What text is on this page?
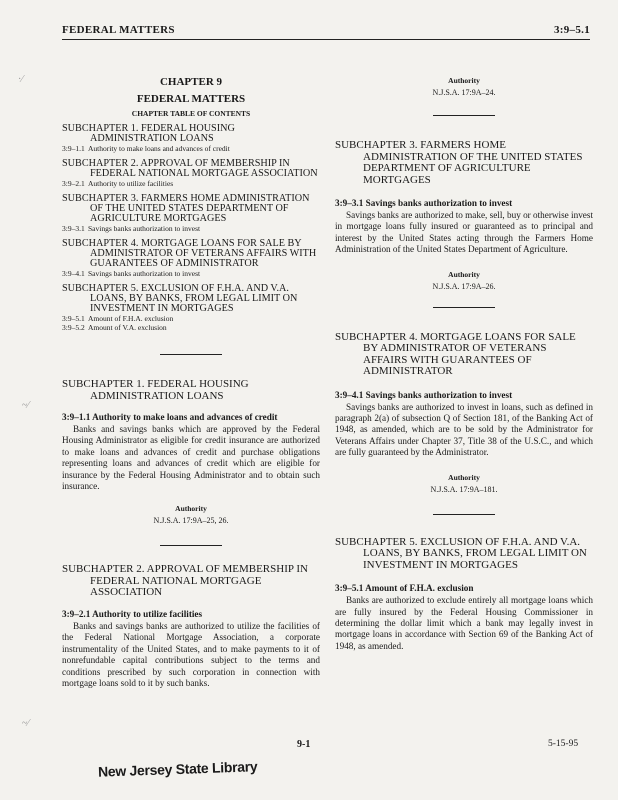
FEDERAL MATTERS	3:9–5.1
·⁄
~⁄
~⁄
CHAPTER 9
FEDERAL MATTERS
CHAPTER TABLE OF CONTENTS
SUBCHAPTER 1. FEDERAL HOUSING ADMINISTRATION LOANS
3:9–1.1 Authority to make loans and advances of credit
SUBCHAPTER 2. APPROVAL OF MEMBERSHIP IN FEDERAL NATIONAL MORTGAGE ASSOCIATION
3:9–2.1 Authority to utilize facilities
SUBCHAPTER 3. FARMERS HOME ADMINISTRATION OF THE UNITED STATES DEPARTMENT OF AGRICULTURE MORTGAGES
3:9–3.1 Savings banks authorization to invest
SUBCHAPTER 4. MORTGAGE LOANS FOR SALE BY ADMINISTRATOR OF VETERANS AFFAIRS WITH GUARANTEES OF ADMINISTRATOR
3:9–4.1 Savings banks authorization to invest
SUBCHAPTER 5. EXCLUSION OF F.H.A. AND V.A. LOANS, BY BANKS, FROM LEGAL LIMIT ON INVESTMENT IN MORTGAGES
3:9–5.1 Amount of F.H.A. exclusion
3:9–5.2 Amount of V.A. exclusion
SUBCHAPTER 1. FEDERAL HOUSING ADMINISTRATION LOANS
3:9–1.1 Authority to make loans and advances of credit

Banks and savings banks which are approved by the Federal Housing Administrator as eligible for credit insurance are authorized to make loans and advances of credit and purchase obligations representing loans and advances of credit which are eligible for insurance by the Federal Housing Administrator and to obtain such insurance.

Authority
N.J.S.A. 17:9A–25, 26.
SUBCHAPTER 2. APPROVAL OF MEMBERSHIP IN FEDERAL NATIONAL MORTGAGE ASSOCIATION
3:9–2.1 Authority to utilize facilities

Banks and savings banks are authorized to utilize the facilities of the Federal National Mortgage Association, a corporate instrumentality of the United States, and to make payments to it of nonrefundable capital contributions subject to the terms and conditions prescribed by such corporation in connection with mortgage loans sold to it by such banks.

Authority
N.J.S.A. 17:9A–24.
SUBCHAPTER 3. FARMERS HOME ADMINISTRATION OF THE UNITED STATES DEPARTMENT OF AGRICULTURE MORTGAGES
3:9–3.1 Savings banks authorization to invest

Savings banks are authorized to make, sell, buy or otherwise invest in mortgage loans fully insured or guaranteed as to principal and interest by the United States acting through the Farmers Home Administration of the United States Department of Agriculture.

Authority
N.J.S.A. 17:9A–26.
SUBCHAPTER 4. MORTGAGE LOANS FOR SALE BY ADMINISTRATOR OF VETERANS AFFAIRS WITH GUARANTEES OF ADMINISTRATOR
3:9–4.1 Savings banks authorization to invest

Savings banks are authorized to invest in loans, such as defined in paragraph 2(a) of subsection Q of Section 181, of the Banking Act of 1948, as amended, which are to be sold by the Administrator for Veterans Affairs under Chapter 37, Title 38 of the U.S.C., and which are fully guaranteed by the Administrator.

Authority
N.J.S.A. 17:9A–181.
SUBCHAPTER 5. EXCLUSION OF F.H.A. AND V.A. LOANS, BY BANKS, FROM LEGAL LIMIT ON INVESTMENT IN MORTGAGES
3:9–5.1 Amount of F.H.A. exclusion

Banks are authorized to exclude entirely all mortgage loans which are fully insured by the Federal Housing Commissioner in determining the dollar limit which a bank may legally invest in mortgage loans in accordance with Section 69 of the Banking Act of 1948, as amended.

9-1	5-15-95
New Jersey State Library
